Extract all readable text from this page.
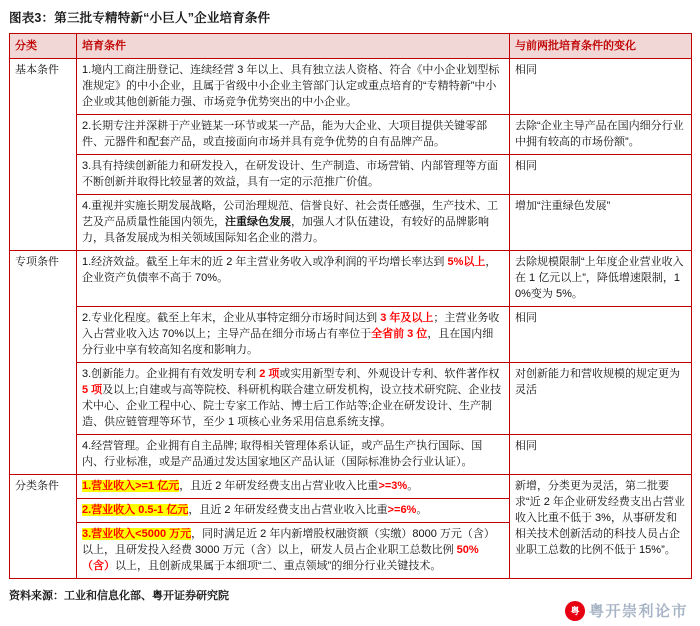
图表3：第三批专精特新“小巨人”企业培育条件
分类	培育条件	与前两批培育条件的变化
基本条件	1.境内工商注册登记、连续经营 3 年以上、具有独立法人资格、符合《中小企业划型标准规定》的中小企业，且属于省级中小企业主管部门认定或重点培育的“专精特新”中小企业或其他创新能力强、市场竞争优势突出的中小企业。	相同
	2.长期专注并深耕于产业链某一环节或某一产品，能为大企业、大项目提供关键零部件、元器件和配套产品，或直接面向市场并具有竞争优势的自有品牌产品。	去除“企业主导产品在国内细分行业中拥有较高的市场份额”。
	3.具有持续创新能力和研发投入，在研发设计、生产制造、市场营销、内部管理等方面不断创新并取得比较显著的效益，具有一定的示范推广价值。	相同
	4.重视并实施长期发展战略，公司治理规范、信誉良好、社会责任感强，生产技术、工艺及产品质量性能国内领先，注重绿色发展，加强人才队伍建设，有较好的品牌影响力，具备发展成为相关领域国际知名企业的潜力。	增加“注重绿色发展”
专项条件	1.经济效益。截至上年末的近 2 年主营业务收入或净利润的平均增长率达到 5%以上，企业资产负债率不高于 70%。	去除规模限制“上年度企业营业收入在 1 亿元以上”，降低增速限制，10%变为 5%。
	2.专业化程度。截至上年末，企业从事特定细分市场时间达到 3 年及以上；主营业务收入占营业收入达 70%以上；主导产品在细分市场占有率位于全省前 3 位，且在国内细分行业中享有较高知名度和影响力。	相同
	3.创新能力。企业拥有有效发明专利 2 项或实用新型专利、外观设计专利、软件著作权 5 项及以上;自建或与高等院校、科研机构联合建立研发机构，设立技术研究院、企业技术中心、企业工程中心、院士专家工作站、博士后工作站等;企业在研发设计、生产制造、供应链管理等环节，至少 1 项核心业务采用信息系统支撑。	对创新能力和营收规模的规定更为灵活
	4.经营管理。企业拥有自主品牌; 取得相关管理体系认证，或产品生产执行国际、国内、行业标准，或是产品通过发达国家地区产品认证（国际标准协会行业认证）。	相同
分类条件	1.营业收入>=1 亿元，且近 2 年研发经费支出占营业收入比重>=3%。	新增，分类更为灵活，第二批要求“近 2 年企业研发经费支出占营业收入比重不低于 3%，从事研发和相关技术创新活动的科技人员占企业职工总数的比例不低于 15%”。
	2.营业收入 0.5-1 亿元，且近 2 年研发经费支出占营业收入比重>=6%。	
	3.营业收入<5000 万元，同时满足近 2 年内新增股权融资额（实缴）8000 万元（含）以上，且研发投入经费 3000 万元（含）以上，研发人员占企业职工总数比例 50%（含）以上，且创新成果属于本细项“二、重点领域”的细分行业关键技术。	
资料来源：工业和信息化部、粤开证券研究院
粤 粤开崇利论市
